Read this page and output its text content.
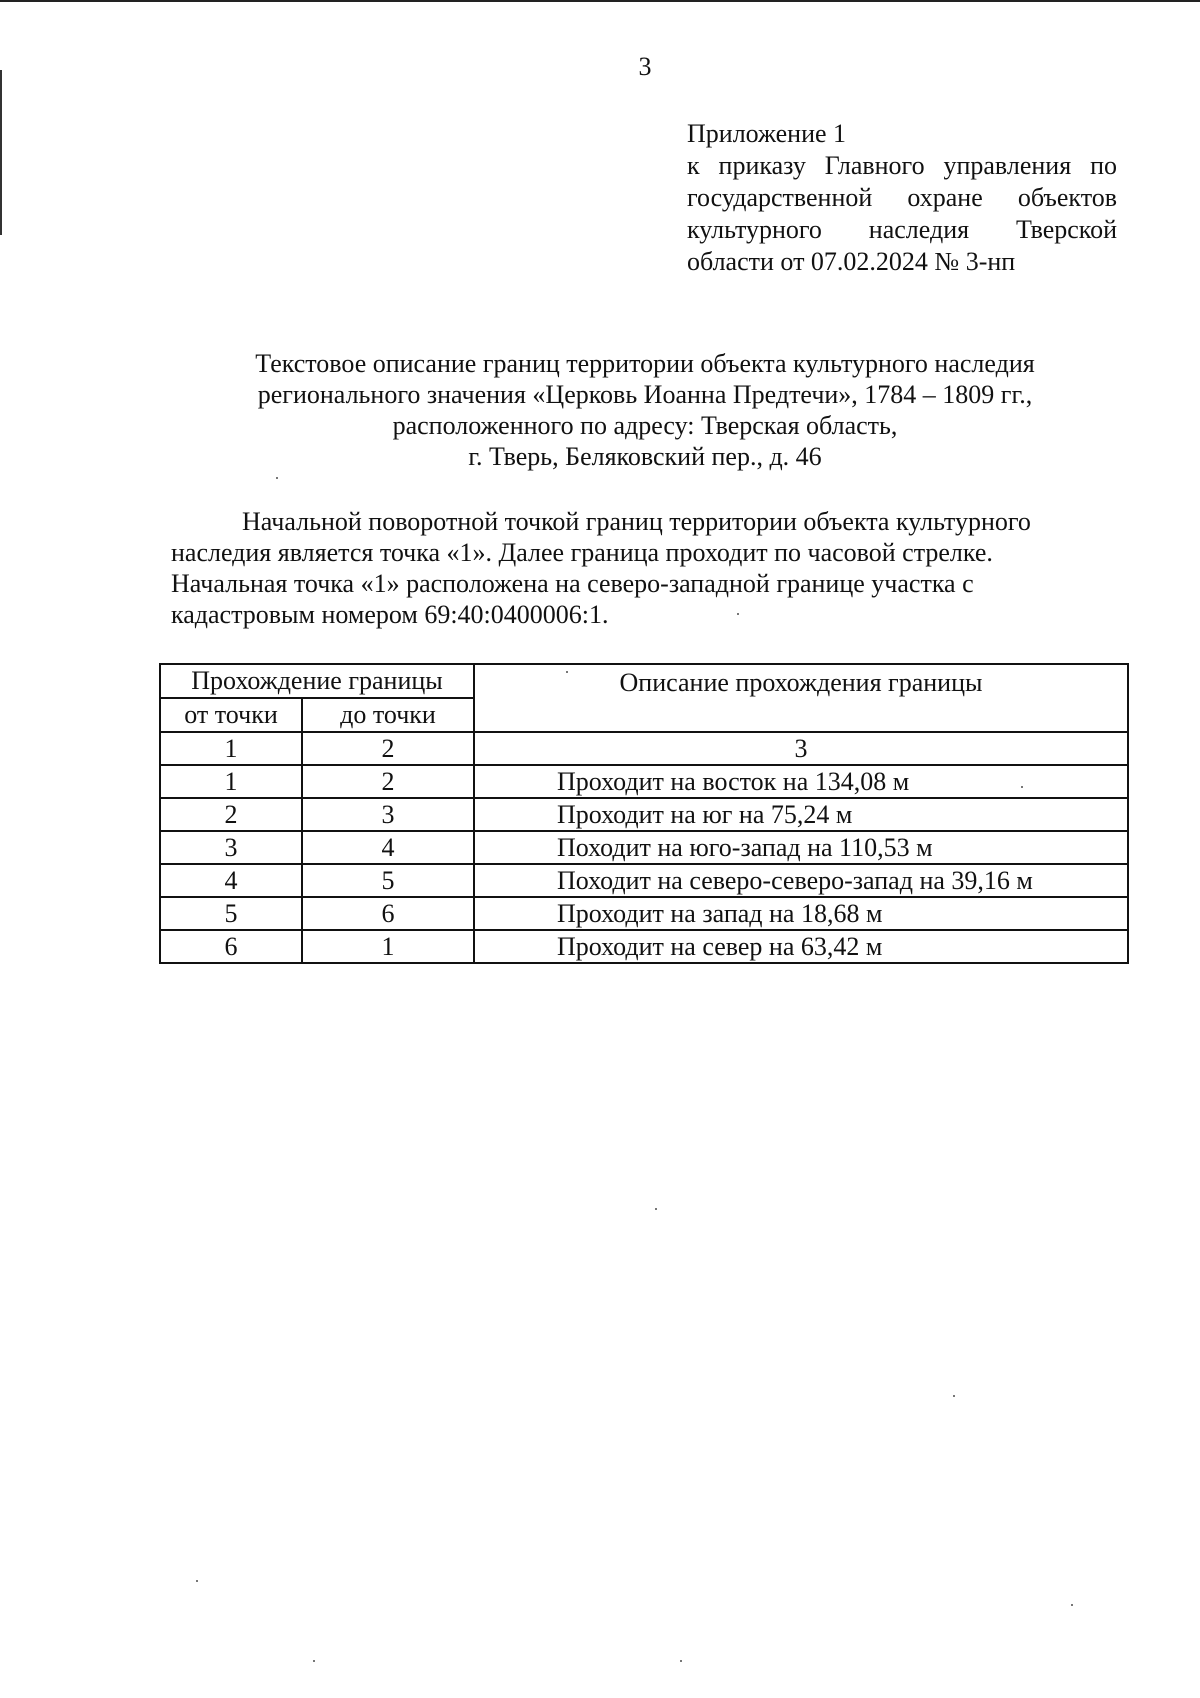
3
Приложение 1
к приказу Главного управления по
государственной охране объектов
культурного наследия Тверской
области от 07.02.2024 № 3-нп
Текстовое описание границ территории объекта культурного наследия
регионального значения «Церковь Иоанна Предтечи», 1784 – 1809 гг.,
расположенного по адресу: Тверская область,
г. Тверь, Беляковский пер., д. 46
Начальной поворотной точкой границ территории объекта культурного
наследия является точка «1». Далее граница проходит по часовой стрелке.
Начальная точка «1» расположена на северо-западной границе участка с
кадастровым номером 69:40:0400006:1.
Прохождение границы		Описание прохождения границы
от точки	до точки	
1	2	3
1	2	Проходит на восток на 134,08 м
2	3	Проходит на юг на 75,24 м
3	4	Походит на юго-запад на 110,53 м
4	5	Походит на северо-северо-запад на 39,16 м
5	6	Проходит на запад на 18,68 м
6	1	Проходит на север на 63,42 м
